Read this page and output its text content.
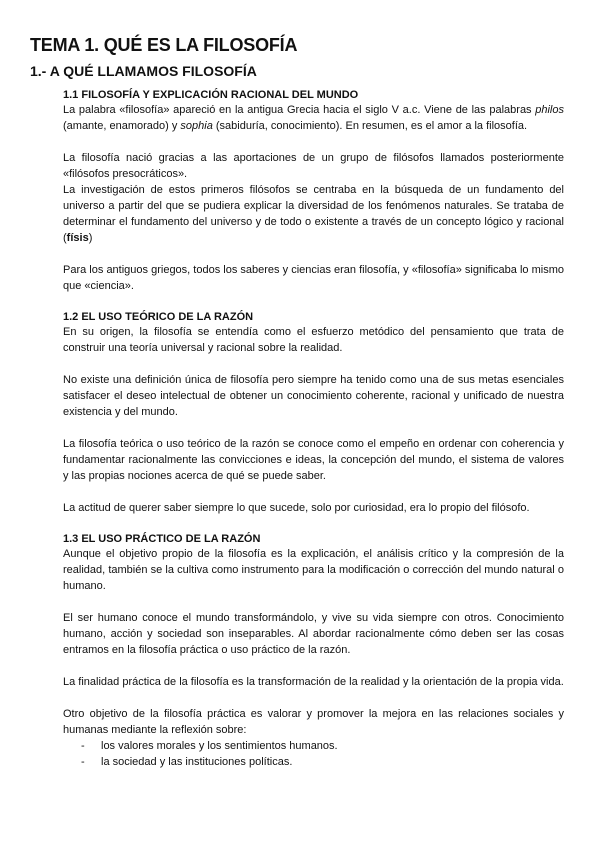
TEMA 1. QUÉ ES LA FILOSOFÍA
1.- A QUÉ LLAMAMOS FILOSOFÍA
1.1 FILOSOFÍA Y EXPLICACIÓN RACIONAL DEL MUNDO

La palabra «filosofía» apareció en la antigua Grecia hacia el siglo V a.c. Viene de las palabras philos (amante, enamorado) y sophia (sabiduría, conocimiento). En resumen, es el amor a la filosofía.

La filosofía nació gracias a las aportaciones de un grupo de filósofos llamados posteriormente «filósofos presocráticos».

La investigación de estos primeros filósofos se centraba en la búsqueda de un fundamento del universo a partir del que se pudiera explicar la diversidad de los fenómenos naturales. Se trataba de determinar el fundamento del universo y de todo o existente a través de un concepto lógico y racional (físis)

Para los antiguos griegos, todos los saberes y ciencias eran filosofía, y «filosofía» significaba lo mismo que «ciencia».

1.2 EL USO TEÓRICO DE LA RAZÓN

En su origen, la filosofía se entendía como el esfuerzo metódico del pensamiento que trata de construir una teoría universal y racional sobre la realidad.

No existe una definición única de filosofía pero siempre ha tenido como una de sus metas esenciales satisfacer el deseo intelectual de obtener un conocimiento coherente, racional y unificado de nuestra existencia y del mundo.

La filosofía teórica o uso teórico de la razón se conoce como el empeño en ordenar con coherencia y fundamentar racionalmente las convicciones e ideas, la concepción del mundo, el sistema de valores y las propias nociones acerca de qué se puede saber.

La actitud de querer saber siempre lo que sucede, solo por curiosidad, era lo propio del filósofo.

1.3 EL USO PRÁCTICO DE LA RAZÓN

Aunque el objetivo propio de la filosofía es la explicación, el análisis crítico y la compresión de la realidad, también se la cultiva como instrumento para la modificación o corrección del mundo natural o humano.

El ser humano conoce el mundo transformándolo, y vive su vida siempre con otros. Conocimiento humano, acción y sociedad son inseparables. Al abordar racionalmente cómo deben ser las cosas entramos en la filosofía práctica o uso práctico de la razón.

La finalidad práctica de la filosofía es la transformación de la realidad y la orientación de la propia vida.

Otro objetivo de la filosofía práctica es valorar y promover la mejora en las relaciones sociales y humanas mediante la reflexión sobre:

-	los valores morales y los sentimientos humanos.
-	la sociedad y las instituciones políticas.
